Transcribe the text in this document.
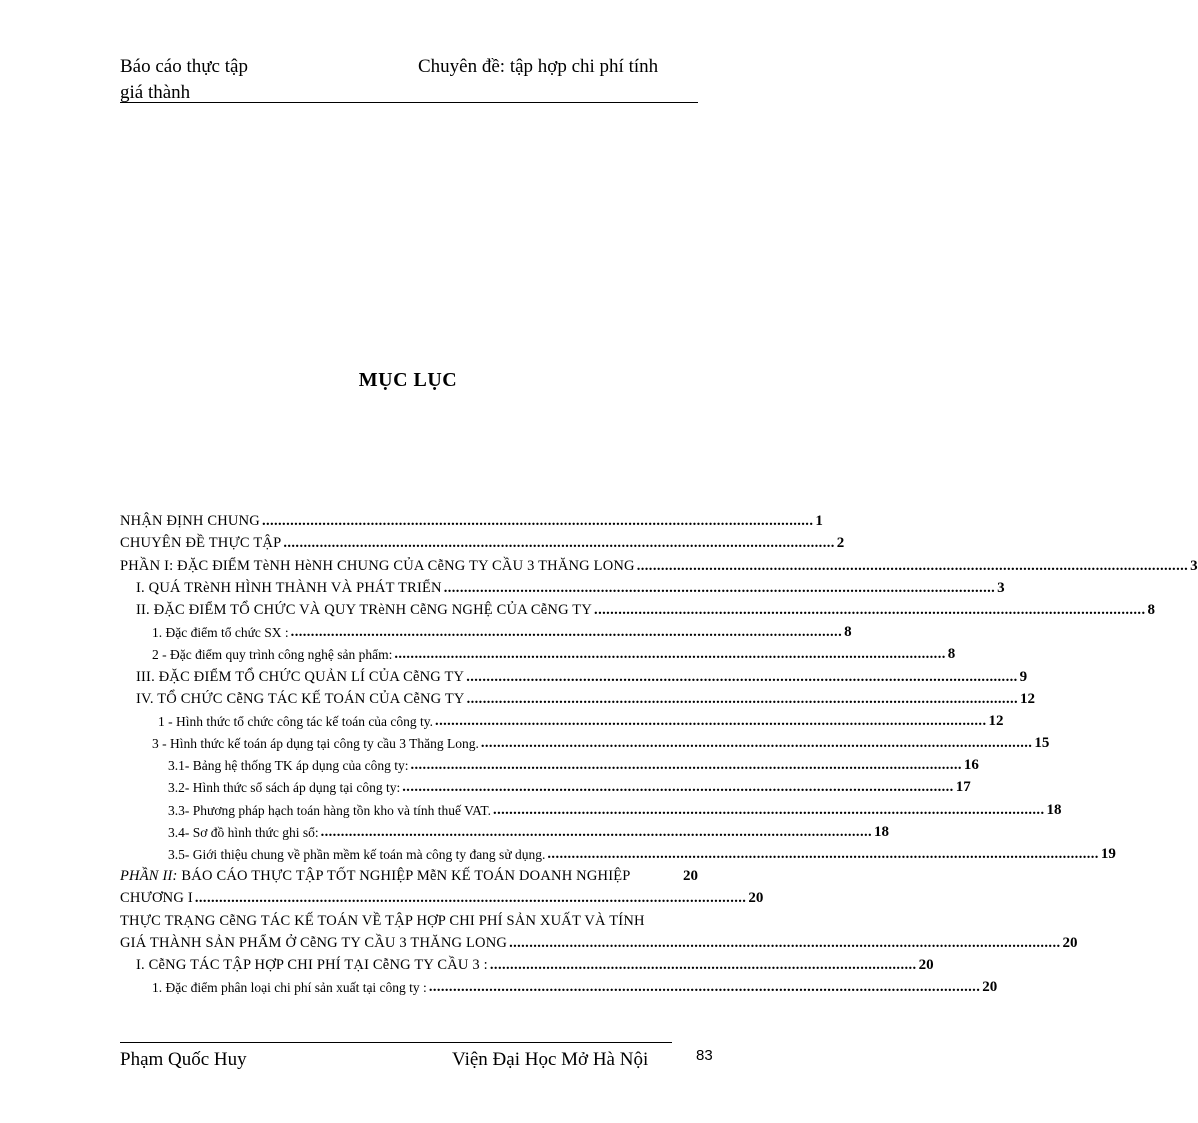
Báo cáo thực tập
giá thành
Chuyên đề: tập hợp chi phí tính
MỤC LỤC
NHẬN ĐỊNH CHUNG ......................................................................................................................................... 1
CHUYÊN ĐỀ THỰC TẬP ......................................................................................................................................... 2
PHẦN I: ĐẶC ĐIỂM TèNH HèNH CHUNG CỦA CễNG TY CẦU 3 THĂNG LONG ......................................................................................................................................... 3
I. QUÁ TRèNH HÌNH THÀNH VÀ PHÁT TRIỂN ......................................................................................................................................... 3
II. ĐẶC ĐIỂM TỔ CHỨC VÀ QUY TRèNH CễNG NGHỆ CỦA CễNG TY ......................................................................................................................................... 8
1. Đặc điểm tổ chức SX : ......................................................................................................................................... 8
2 - Đặc điểm quy trình công nghệ sản phẩm: ......................................................................................................................................... 8
III. ĐẶC ĐIỂM TỔ CHỨC QUẢN LÍ CỦA CễNG TY ......................................................................................................................................... 9
IV. TỔ CHỨC CễNG TÁC KẾ TOÁN CỦA CễNG TY ......................................................................................................................................... 12
1 - Hình thức tổ chức công tác kế toán của công ty. ......................................................................................................................................... 12
3 - Hình thức kế toán áp dụng tại công ty cầu 3 Thăng Long. ......................................................................................................................................... 15
3.1- Bảng hệ thống TK áp dụng của công ty: ......................................................................................................................................... 16
3.2- Hình thức sổ sách áp dụng tại công ty: ......................................................................................................................................... 17
3.3- Phương pháp hạch toán hàng tồn kho và tính thuế VAT. ......................................................................................................................................... 18
3.4- Sơ đồ hình thức ghi sổ: ......................................................................................................................................... 18
3.5- Giới thiệu chung về phần mềm kế toán mà công ty đang sử dụng. ......................................................................................................................................... 19
PHẦN II: BÁO CÁO THỰC TẬP TỐT NGHIỆP MễN KẾ TOÁN DOANH NGHIỆP	20
CHƯƠNG I ......................................................................................................................................... 20
THỰC TRẠNG CễNG TÁC KẾ TOÁN VỀ TẬP HỢP CHI PHÍ SẢN XUẤT VÀ TÍNH
GIÁ THÀNH SẢN PHẨM Ở CễNG TY CẦU 3 THĂNG LONG ......................................................................................................................................... 20
I. CễNG TÁC TẬP HỢP CHI PHÍ TẠI CễNG TY CẦU 3 : .......................................................................................................... 20
1. Đặc điểm phân loại chi phí sản xuất tại công ty : ......................................................................................................................................... 20
Phạm Quốc Huy	Viện Đại Học Mở Hà Nội	83
